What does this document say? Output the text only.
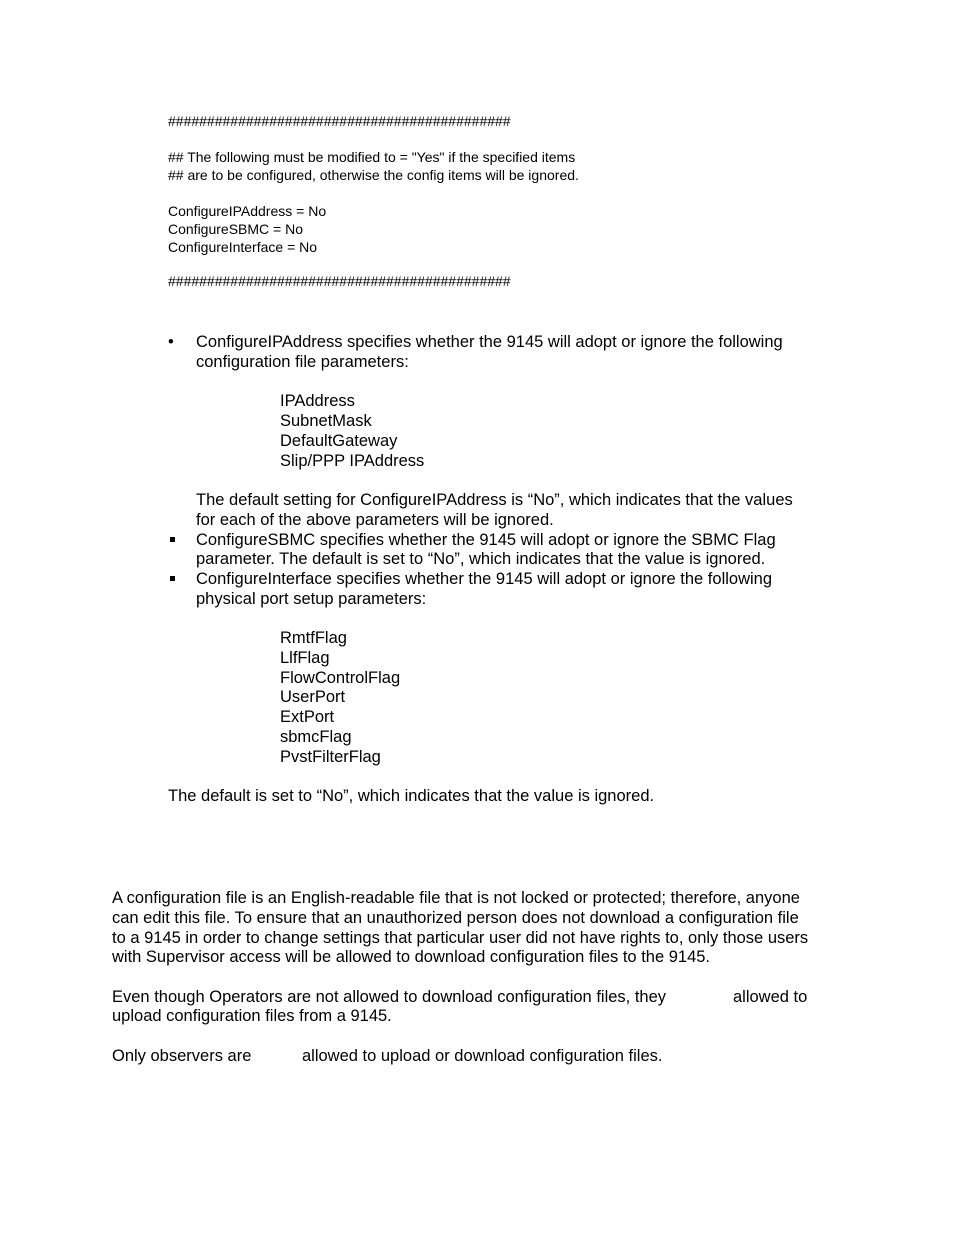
############################################
## The following must be modified to = "Yes" if the specified items
## are to be configured, otherwise the config items will be ignored.
ConfigureIPAddress = No
ConfigureSBMC = No
ConfigureInterface = No
############################################
• ConfigureIPAddress specifies whether the 9145 will adopt or ignore the following
configuration file parameters:
IPAddress
SubnetMask
DefaultGateway
Slip/PPP IPAddress
The default setting for ConfigureIPAddress is “No”, which indicates that the values
for each of the above parameters will be ignored.
ConfigureSBMC specifies whether the 9145 will adopt or ignore the SBMC Flag
parameter. The default is set to “No”, which indicates that the value is ignored.
ConfigureInterface specifies whether the 9145 will adopt or ignore the following
physical port setup parameters:
RmtfFlag
LlfFlag
FlowControlFlag
UserPort
ExtPort
sbmcFlag
PvstFilterFlag
The default is set to “No”, which indicates that the value is ignored.
A configuration file is an English-readable file that is not locked or protected; therefore, anyone
can edit this file. To ensure that an unauthorized person does not download a configuration file
to a 9145 in order to change settings that particular user did not have rights to, only those users
with Supervisor access will be allowed to download configuration files to the 9145.
Even though Operators are not allowed to download configuration files, they	allowed to
upload configuration files from a 9145.
Only observers are	allowed to upload or download configuration files.
